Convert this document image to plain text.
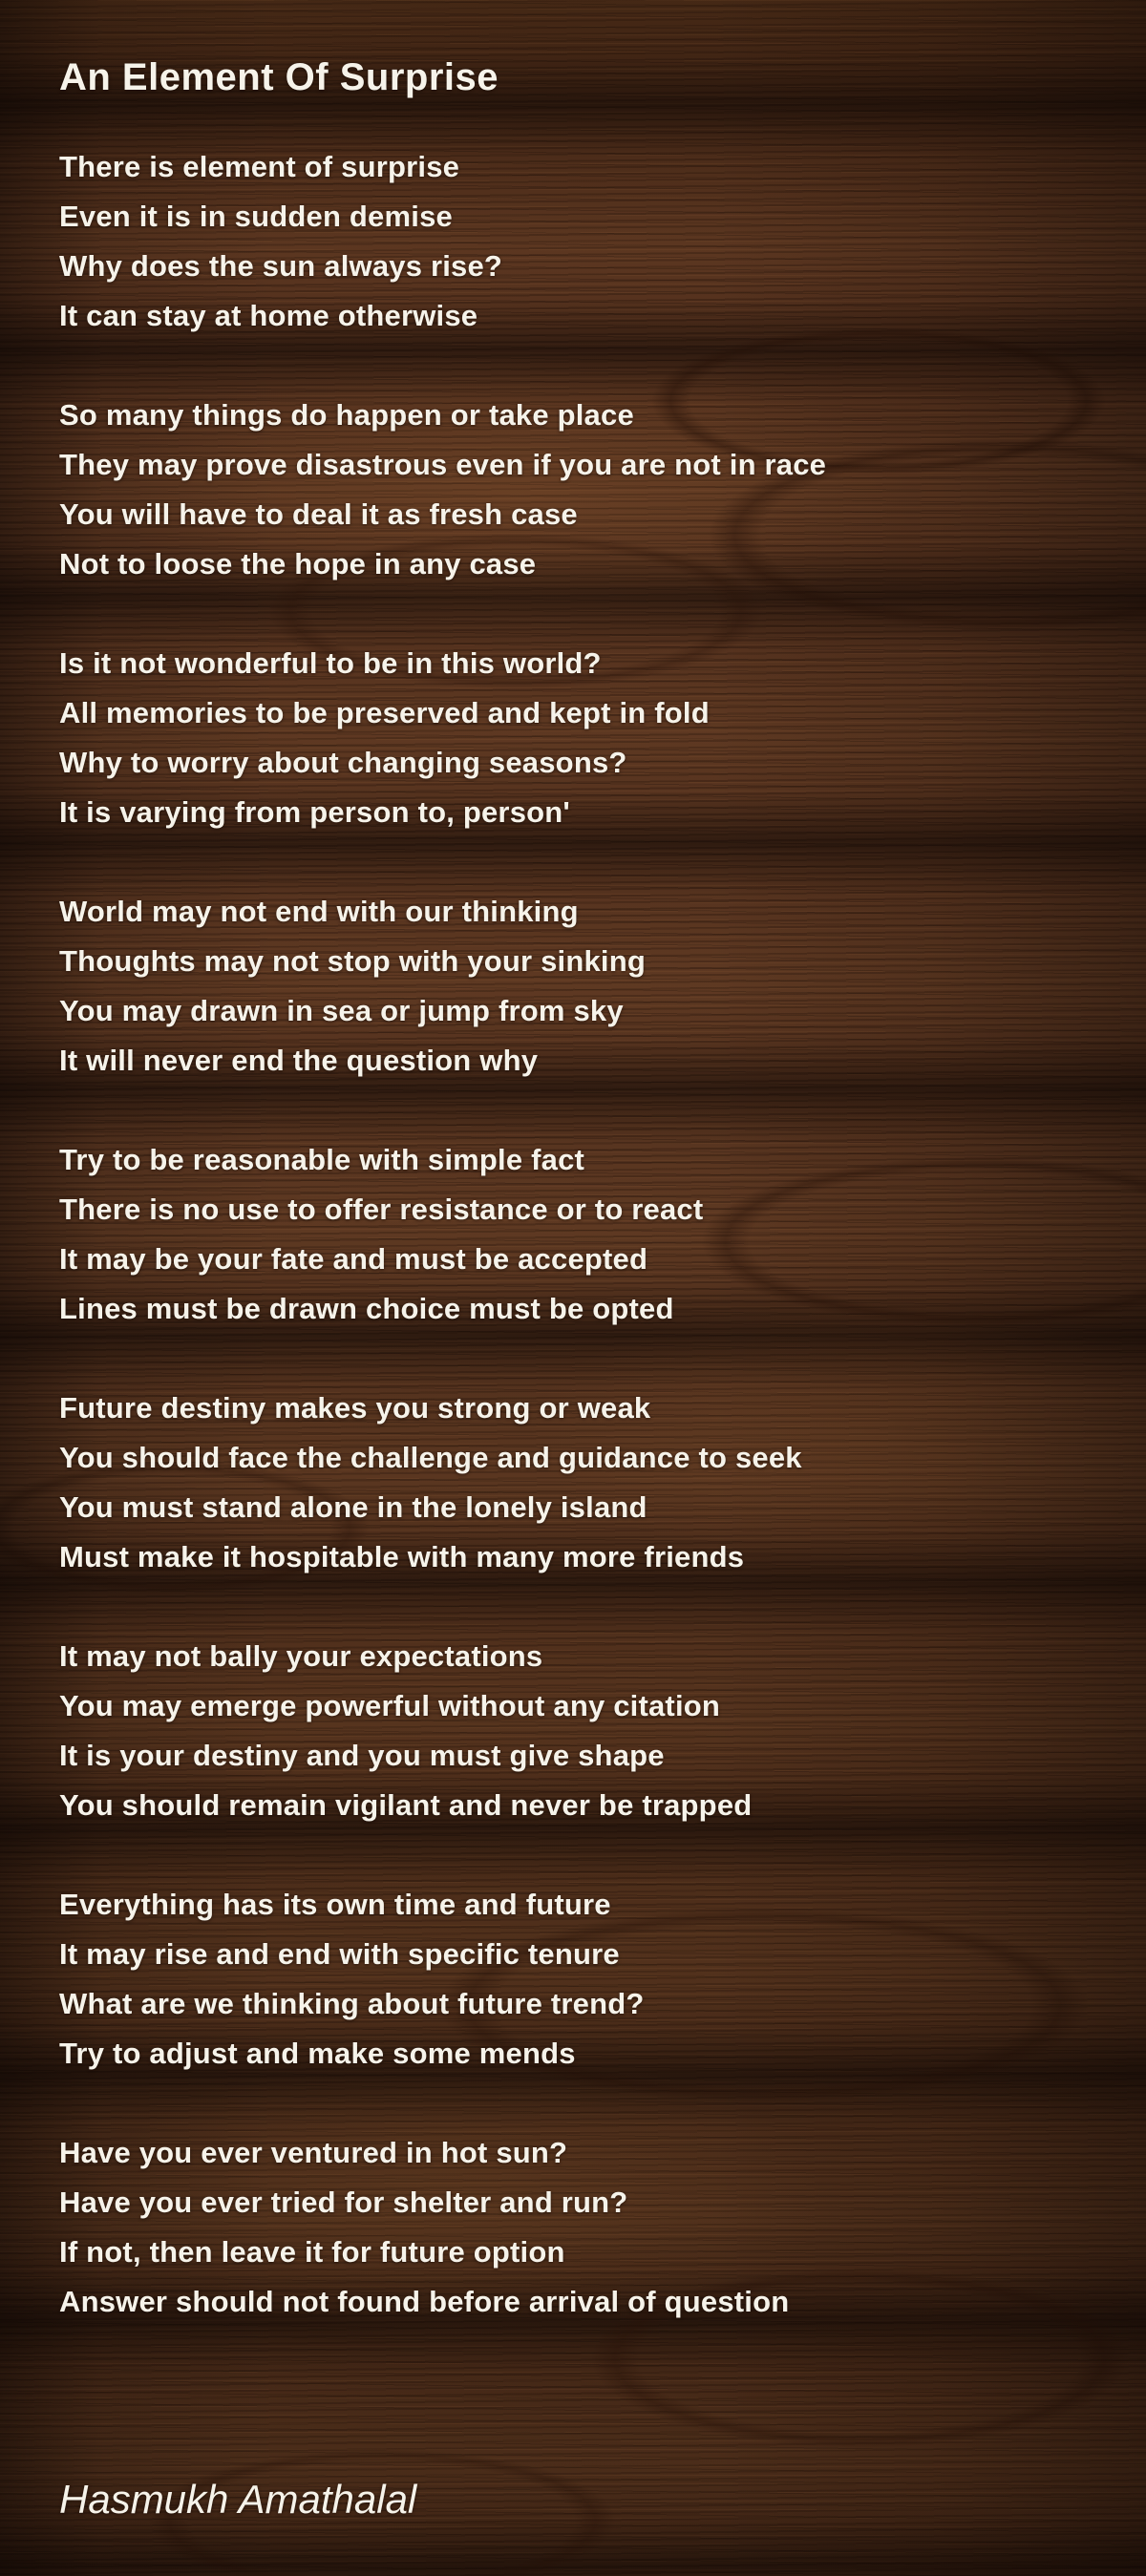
An Element Of Surprise

There is element of surprise

Even it is in sudden demise

Why does the sun always rise?

It can stay at home otherwise

So many things do happen or take place

They may prove disastrous even if you are not in race

You will have to deal it as fresh case

Not to loose the hope in any case

Is it not wonderful to be in this world?

All memories to be preserved and kept in fold

Why to worry about changing seasons?

It is varying from person to, person'

World may not end with our thinking

Thoughts may not stop with your sinking

You may drawn in sea or jump from sky

It will never end the question why

Try to be reasonable with simple fact

There is no use to offer resistance or to react

It may be your fate and must be accepted

Lines must be drawn choice must be opted

Future destiny makes you strong or weak

You should face the challenge and guidance to seek

You must stand alone in the lonely island

Must make it hospitable with many more friends

It may not bally your expectations

You may emerge powerful without any citation

It is your destiny and you must give shape

You should remain vigilant and never be trapped

Everything has its own time and future

It may rise and end with specific tenure

What are we thinking about future trend?

Try to adjust and make some mends

Have you ever ventured in hot sun?

Have you ever tried for shelter and run?

If not, then leave it for future option

Answer should not found before arrival of question

Hasmukh Amathalal
